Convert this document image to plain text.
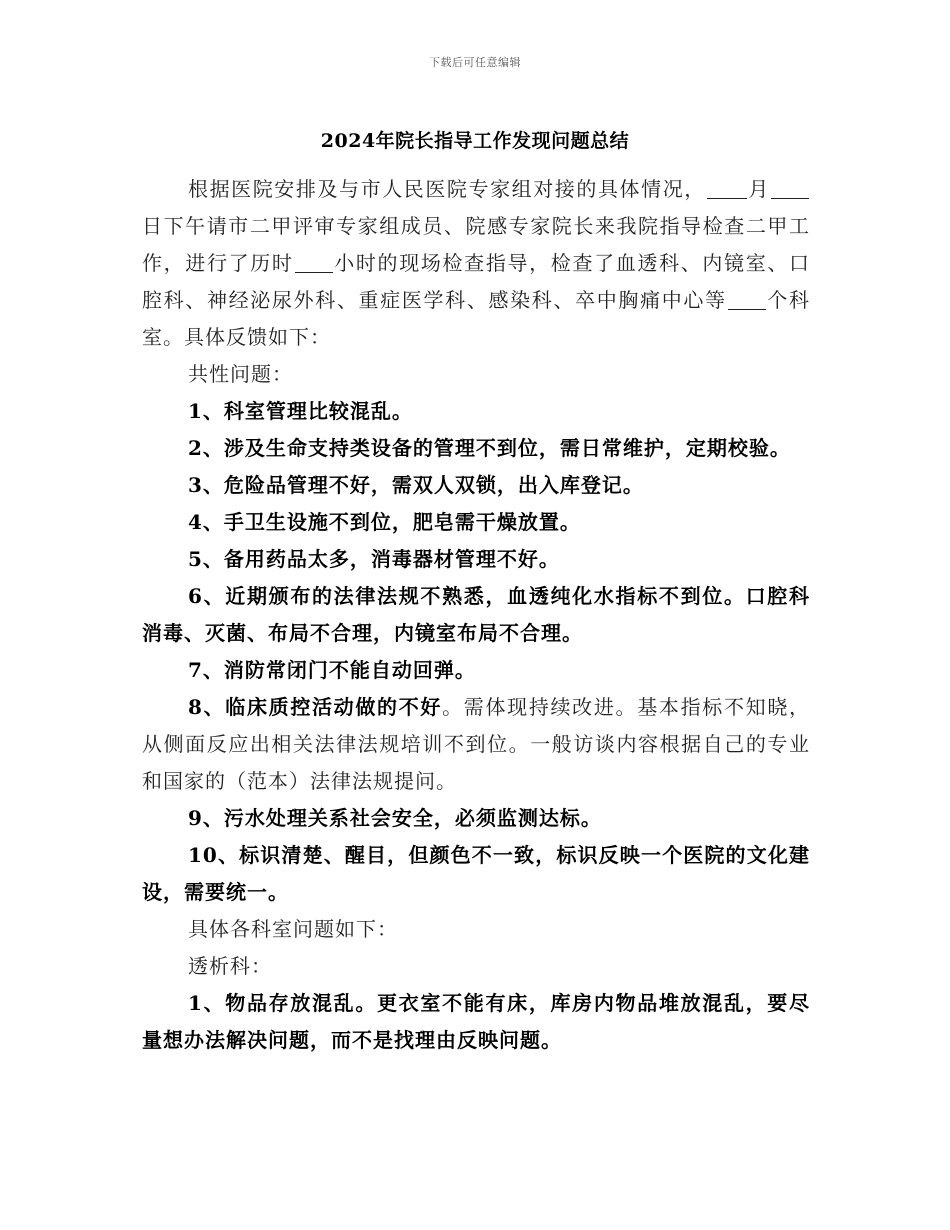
下载后可任意编辑
2024年院长指导工作发现问题总结

根据医院安排及与市人民医院专家组对接的具体情况， 月日下午请市二甲评审专家组成员、院感专家院长来我院指导检查二甲工作，进行了历时 小时的现场检查指导，检查了血透科、内镜室、口腔科、神经泌尿外科、重症医学科、感染科、卒中胸痛中心等 个科室。具体反馈如下：

共性问题：

1、科室管理比较混乱。

2、涉及生命支持类设备的管理不到位，需日常维护，定期校验。

3、危险品管理不好，需双人双锁，出入库登记。

4、手卫生设施不到位，肥皂需干燥放置。

5、备用药品太多，消毒器材管理不好。

6、近期颁布的法律法规不熟悉，血透纯化水指标不到位。口腔科消毒、灭菌、布局不合理，内镜室布局不合理。

7、消防常闭门不能自动回弹。

8、临床质控活动做的不好。需体现持续改进。基本指标不知晓，从侧面反应出相关法律法规培训不到位。一般访谈内容根据自己的专业和国家的（范本）法律法规提问。

9、污水处理关系社会安全，必须监测达标。

10、标识清楚、醒目，但颜色不一致，标识反映一个医院的文化建设，需要统一。

具体各科室问题如下：

透析科：

1、物品存放混乱。更衣室不能有床，库房内物品堆放混乱，要尽量想办法解决问题，而不是找理由反映问题。
